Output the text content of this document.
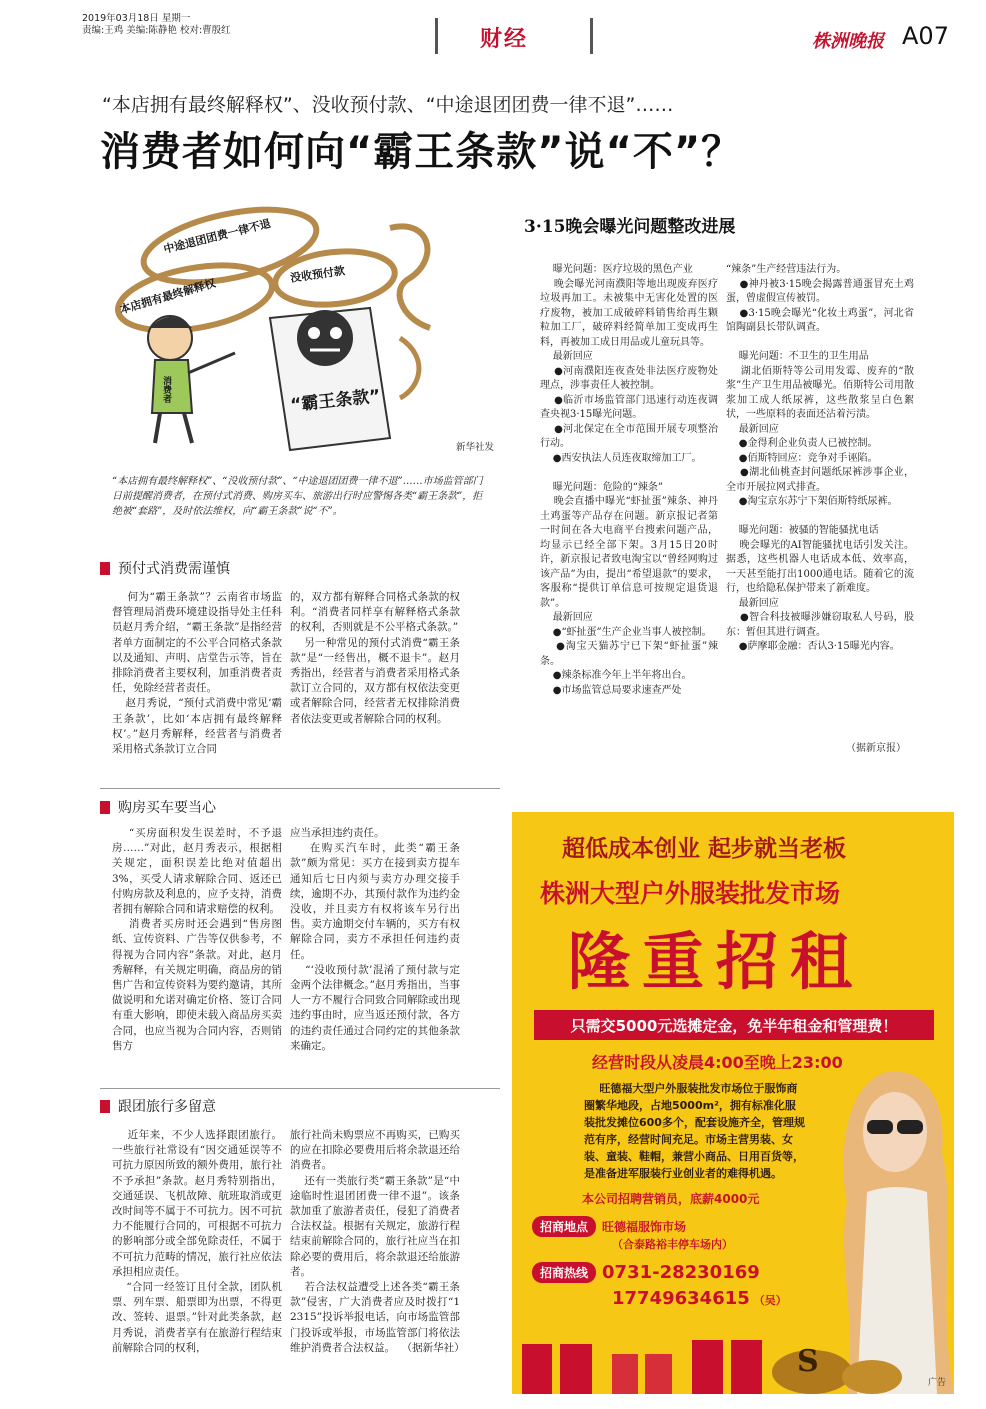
2019年03月18日 星期一
责编:王鸡 美编:陈静艳 校对:曹殷红	财经	株洲晚报 A07
“本店拥有最终解释权”、没收预付款、“中途退团团费一律不退”……
消费者如何向“霸王条款”说“不”？
中途退团团费一律不退
本店拥有最终解释权
没收预付款
“霸王条款”
消费者
新华社发
“本店拥有最终解释权”、“没收预付款”、“中途退团团费一律不退”……市场监管部门日前提醒消费者，在预付式消费、购房买车、旅游出行时应警惕各类“霸王条款”，拒绝被“套路”，及时依法维权，向“霸王条款”说“不”。
预付式消费需谨慎
何为“霸王条款”？云南省市场监督管理局消费环境建设指导处主任科员赵月秀介绍，“霸王条款”是指经营者单方面制定的不公平合同格式条款以及通知、声明、店堂告示等，旨在排除消费者主要权利，加重消费者责任，免除经营者责任。
赵月秀说，“预付式消费中常见‘霸王条款’，比如‘本店拥有最终解释权’。”赵月秀解释，经营者与消费者采用格式条款订立合同
的，双方都有解释合同格式条款的权利。“消费者同样享有解释格式条款的权利，否则就是不公平格式条款。”
另一种常见的预付式消费“霸王条款”是“一经售出，概不退卡”。赵月秀指出，经营者与消费者采用格式条款订立合同的，双方都有权依法变更或者解除合同，经营者无权排除消费者依法变更或者解除合同的权利。
购房买车要当心
“买房面积发生误差时，不予退房……”对此，赵月秀表示，根据相关规定，面积误差比绝对值超出3%，买受人请求解除合同、返还已付购房款及利息的，应予支持，消费者拥有解除合同和请求赔偿的权利。
消费者买房时还会遇到“售房图纸、宣传资料、广告等仅供参考，不得视为合同内容”条款。对此，赵月秀解释，有关规定明确，商品房的销售广告和宣传资料为要约邀请，其所做说明和允诺对确定价格、签订合同有重大影响，即使未载入商品房买卖合同，也应当视为合同内容，否则销售方
应当承担违约责任。
在购买汽车时，此类“霸王条款”颇为常见：买方在接到卖方提车通知后七日内须与卖方办理交接手续，逾期不办，其预付款作为违约金没收，并且卖方有权将该车另行出售。卖方逾期交付车辆的，买方有权解除合同，卖方不承担任何违约责任。
“‘没收预付款’混淆了预付款与定金两个法律概念。”赵月秀指出，当事人一方不履行合同致合同解除或出现违约事由时，应当返还预付款，各方的违约责任通过合同约定的其他条款来确定。
跟团旅行多留意
近年来，不少人选择跟团旅行。一些旅行社常设有“因交通延误等不可抗力原因所致的额外费用，旅行社不予承担”条款。赵月秀特别指出，交通延误、飞机故障、航班取消或更改时间等不属于不可抗力。因不可抗力不能履行合同的，可根据不可抗力的影响部分或全部免除责任，不属于不可抗力范畴的情况，旅行社应依法承担相应责任。
“合同一经签订且付全款，团队机票、列车票、船票即为出票，不得更改、签转、退票。”针对此类条款，赵月秀说，消费者享有在旅游行程结束前解除合同的权利，
旅行社尚未购票应不再购买，已购买的应在扣除必要费用后将余款退还给消费者。
还有一类旅行类“霸王条款”是“中途临时性退团团费一律不退”。该条款加重了旅游者责任，侵犯了消费者合法权益。根据有关规定，旅游行程结束前解除合同的，旅行社应当在扣除必要的费用后，将余款退还给旅游者。
若合法权益遭受上述各类“霸王条款”侵害，广大消费者应及时拨打“12315”投诉举报电话，向市场监管部门投诉或举报，市场监管部门将依法维护消费者合法权益。  （据新华社）
3·15晚会曝光问题整改进展
曝光问题：医疗垃圾的黑色产业
晚会曝光河南濮阳等地出现废弃医疗垃圾再加工。未被集中无害化处置的医疗废物，被加工成破碎料销售给再生颗粒加工厂，破碎料经简单加工变成再生料，再被加工成日用品或儿童玩具等。
最新回应
●河南濮阳连夜查处非法医疗废物处理点，涉事责任人被控制。
●临沂市场监管部门迅速行动连夜调查央视3·15曝光问题。
●河北保定在全市范围开展专项整治行动。
●西安执法人员连夜取缔加工厂。

曝光问题：危险的“辣条”
晚会直播中曝光“虾扯蛋”辣条、神丹土鸡蛋等产品存在问题。新京报记者第一时间在各大电商平台搜索问题产品，均显示已经全部下架。3月15日20时许，新京报记者致电淘宝以“曾经网购过该产品”为由，提出“希望退款”的要求，客服称“提供订单信息可按规定退货退款”。
最新回应
●“虾扯蛋”生产企业当事人被控制。
●淘宝天猫苏宁已下架“虾扯蛋”辣条。
●辣条标准今年上半年将出台。
●市场监管总局要求速查严处
“辣条”生产经营违法行为。
●神丹被3·15晚会揭露普通蛋冒充土鸡蛋，曾虚假宣传被罚。
●3·15晚会曝光“化妆土鸡蛋”，河北省馆陶副县长带队调查。

曝光问题：不卫生的卫生用品
湖北佰斯特等公司用发霉、废弃的“散浆”生产卫生用品被曝光。佰斯特公司用散浆加工成人纸尿裤，这些散浆呈白色絮状，一些原料的表面还沾着污渍。
最新回应
●金得利企业负责人已被控制。
●佰斯特回应：竞争对手诬陷。
●湖北仙桃查封问题纸尿裤涉事企业，全市开展拉网式排查。
●淘宝京东苏宁下架佰斯特纸尿裤。

曝光问题：被骚的智能骚扰电话
晚会曝光的AI智能骚扰电话引发关注。据悉，这些机器人电话成本低、效率高，一天甚至能打出1000通电话。随着它的流行，也给隐私保护带来了新难度。
最新回应
●智合科技被曝涉嫌窃取私人号码，股东：暂但其进行调查。
●萨摩耶金融：否认3·15曝光内容。
（据新京报）
超低成本创业 起步就当老板
株洲大型户外服装批发市场
隆重招租
只需交5000元选摊定金，免半年租金和管理费！
经营时段从凌晨4:00至晚上23:00
旺德福大型户外服装批发市场位于服饰商圈繁华地段，占地5000m²，拥有标准化服装批发摊位600多个，配套设施齐全，管理规范有序，经营时间充足。市场主营男装、女装、童装、鞋帽，兼营小商品、日用百货等，是准备进军服装行业创业者的难得机遇。
本公司招聘营销员，底薪4000元
招商地点	旺德福服饰市场
（合泰路裕丰停车场内）
招商热线 0731-28230169
17749634615 （吴）
S
广告
